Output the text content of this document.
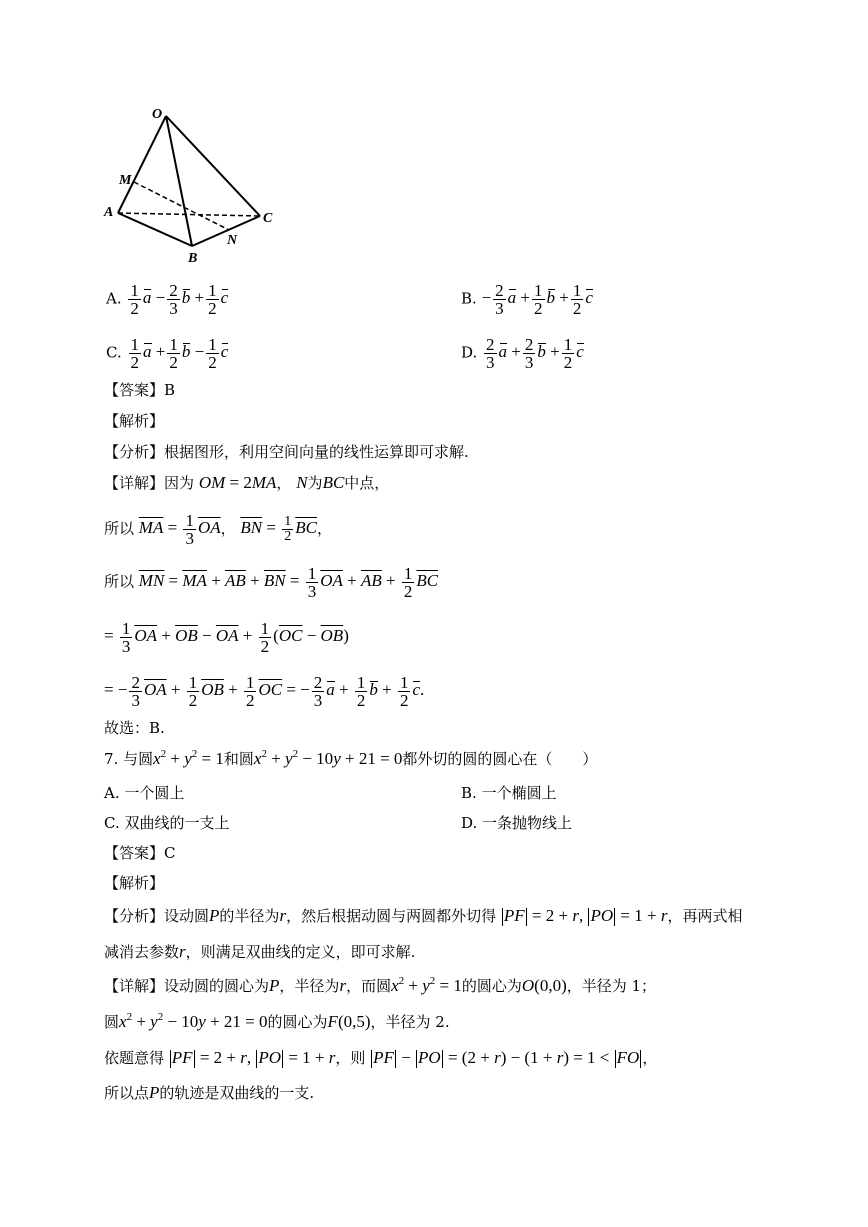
O
M
A
B
C
N
A. $\frac{1}{2}$ $a - \frac{2}{3}$ $b + \frac{1}{2}$ c	B. − $\frac{2}{3}$ $a + \frac{1}{2}$ $b + \frac{1}{2}$ c
C. $\frac{1}{2}$ $a + \frac{1}{2}$ $b - \frac{1}{2}$ c	D. $\frac{2}{3}$ $a + \frac{2}{3}$ $b + \frac{1}{2}$ c
【答案】B
【解析】
【分析】根据图形，利用空间向量的线性运算即可求解.
【详解】因为 OM = 2MA， N为BC中点，
所以 $\overline{MA} = \frac{1}{3} \overline{OA}$， $\overline{BN} = \frac{1}{2} \overline{BC}$，
所以 $\overline{MN} = \overline{MA} + \overline{AB} + \overline{BN} = \frac{1}{3} \overline{OA} + \overline{AB} + \frac{1}{2} \overline{BC}$
= $\frac{1}{3} \overline{OA} + \overline{OB} - \overline{OA} + \frac{1}{2} (\overline{OC} - \overline{OB})$
= − $\frac{2}{3} \overline{OA} + \frac{1}{2} \overline{OB} + \frac{1}{2} \overline{OC}$ = − $\frac{2}{3}$ $a + \frac{1}{2}$ $b + \frac{1}{2} c$.
故选：B.
7. 与圆$x^2 + y^2 = 1$和圆$x^2 + y^2 - 10y + 21 = 0$都外切的圆的圆心在（　　）
A. 一个圆上	B. 一个椭圆上
C. 双曲线的一支上	D. 一条抛物线上
【答案】C
【解析】
【分析】设动圆P的半径为r，然后根据动圆与两圆都外切得 PF = 2 + r, PO = 1 + r，再两式相
减消去参数r，则满足双曲线的定义，即可求解.
【详解】设动圆的圆心为P，半径为r，而圆$x^2 + y^2 = 1$的圆心为O(0,0)，半径为 1；
圆$x^2 + y^2 - 10y + 21 = 0$的圆心为F(0,5)，半径为 2.
依题意得 PF = 2 + r, PO = 1 + r，则 PF − PO = (2 + r) − (1 + r) = 1 < FO ，
所以点P的轨迹是双曲线的一支.
